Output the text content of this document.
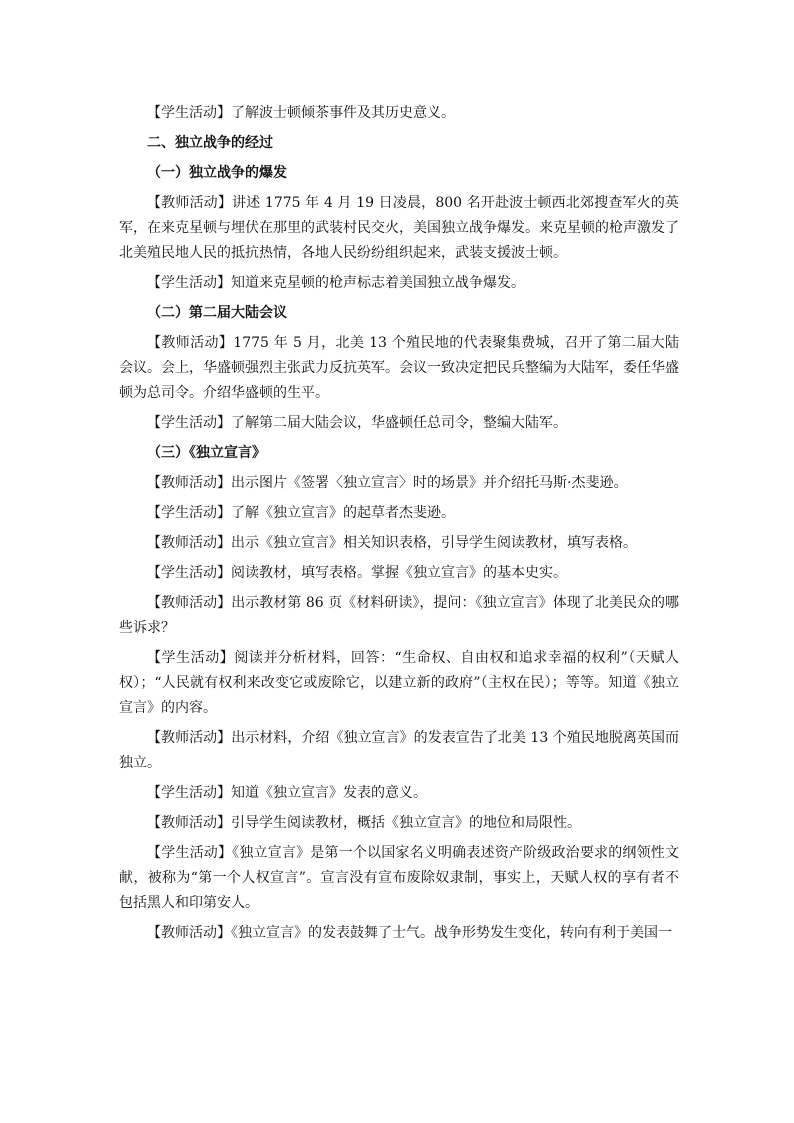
【学生活动】了解波士顿倾茶事件及其历史意义。

二、独立战争的经过

（一）独立战争的爆发

【教师活动】讲述 1775 年 4 月 19 日凌晨，800 名开赴波士顿西北郊搜查军火的英军，在来克星顿与埋伏在那里的武装村民交火，美国独立战争爆发。来克星顿的枪声激发了北美殖民地人民的抵抗热情，各地人民纷纷组织起来，武装支援波士顿。

【学生活动】知道来克星顿的枪声标志着美国独立战争爆发。

（二）第二届大陆会议

【教师活动】1775 年 5 月，北美 13 个殖民地的代表聚集费城，召开了第二届大陆会议。会上，华盛顿强烈主张武力反抗英军。会议一致决定把民兵整编为大陆军，委任华盛顿为总司令。介绍华盛顿的生平。

【学生活动】了解第二届大陆会议，华盛顿任总司令，整编大陆军。

（三）《独立宣言》

【教师活动】出示图片《签署〈独立宣言〉时的场景》并介绍托马斯·杰斐逊。

【学生活动】了解《独立宣言》的起草者杰斐逊。

【教师活动】出示《独立宣言》相关知识表格，引导学生阅读教材，填写表格。

【学生活动】阅读教材，填写表格。掌握《独立宣言》的基本史实。

【教师活动】出示教材第 86 页《材料研读》，提问：《独立宣言》体现了北美民众的哪些诉求？

【学生活动】阅读并分析材料，回答：“生命权、自由权和追求幸福的权利”（天赋人权）；“人民就有权利来改变它或废除它，以建立新的政府”（主权在民）；等等。知道《独立宣言》的内容。

【教师活动】出示材料，介绍《独立宣言》的发表宣告了北美 13 个殖民地脱离英国而独立。

【学生活动】知道《独立宣言》发表的意义。

【教师活动】引导学生阅读教材，概括《独立宣言》的地位和局限性。

【学生活动】《独立宣言》是第一个以国家名义明确表述资产阶级政治要求的纲领性文献，被称为“第一个人权宣言”。宣言没有宣布废除奴隶制，事实上，天赋人权的享有者不包括黑人和印第安人。

【教师活动】《独立宣言》的发表鼓舞了士气。战争形势发生变化，转向有利于美国一
